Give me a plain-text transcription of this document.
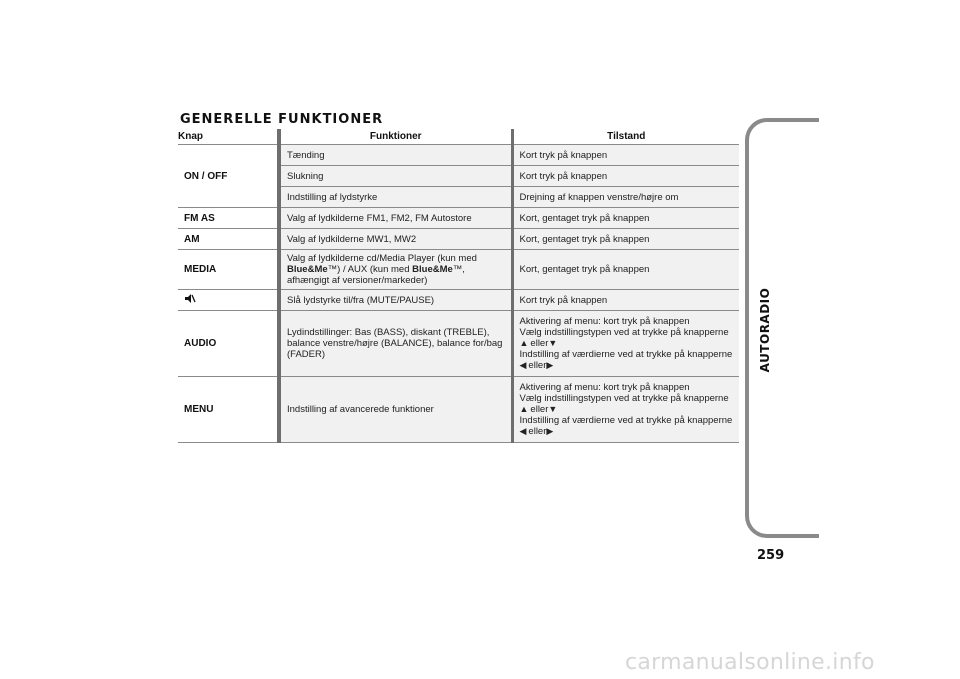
GENERELLE FUNKTIONER
Knap	Funktioner	Tilstand
ON / OFF	Tænding	Kort tryk på knappen
	Slukning	Kort tryk på knappen
	Indstilling af lydstyrke	Drejning af knappen venstre/højre om
FM AS	Valg af lydkilderne FM1, FM2, FM Autostore	Kort, gentaget tryk på knappen
AM	Valg af lydkilderne MW1, MW2	Kort, gentaget tryk på knappen
MEDIA	Valg af lydkilderne cd/Media Player (kun med Blue&Me™) / AUX (kun med Blue&Me™, afhængigt af versioner/markeder)	Kort, gentaget tryk på knappen
	Slå lydstyrke til/fra (MUTE/PAUSE)	Kort tryk på knappen
AUDIO	Lydindstillinger: Bas (BASS), diskant (TREBLE), balance venstre/højre (BALANCE), balance for/bag (FADER)	Aktivering af menu: kort tryk på knappen
Vælg indstillingstypen ved at trykke på knapperne
▲ eller▼
Indstilling af værdierne ved at trykke på knapperne
◀ eller▶

MENU	Indstilling af avancerede funktioner	Aktivering af menu: kort tryk på knappen
Vælg indstillingstypen ved at trykke på knapperne
▲ eller▼
Indstilling af værdierne ved at trykke på knapperne
◀ eller▶
AUTORADIO
259
carmanualsonline.info
